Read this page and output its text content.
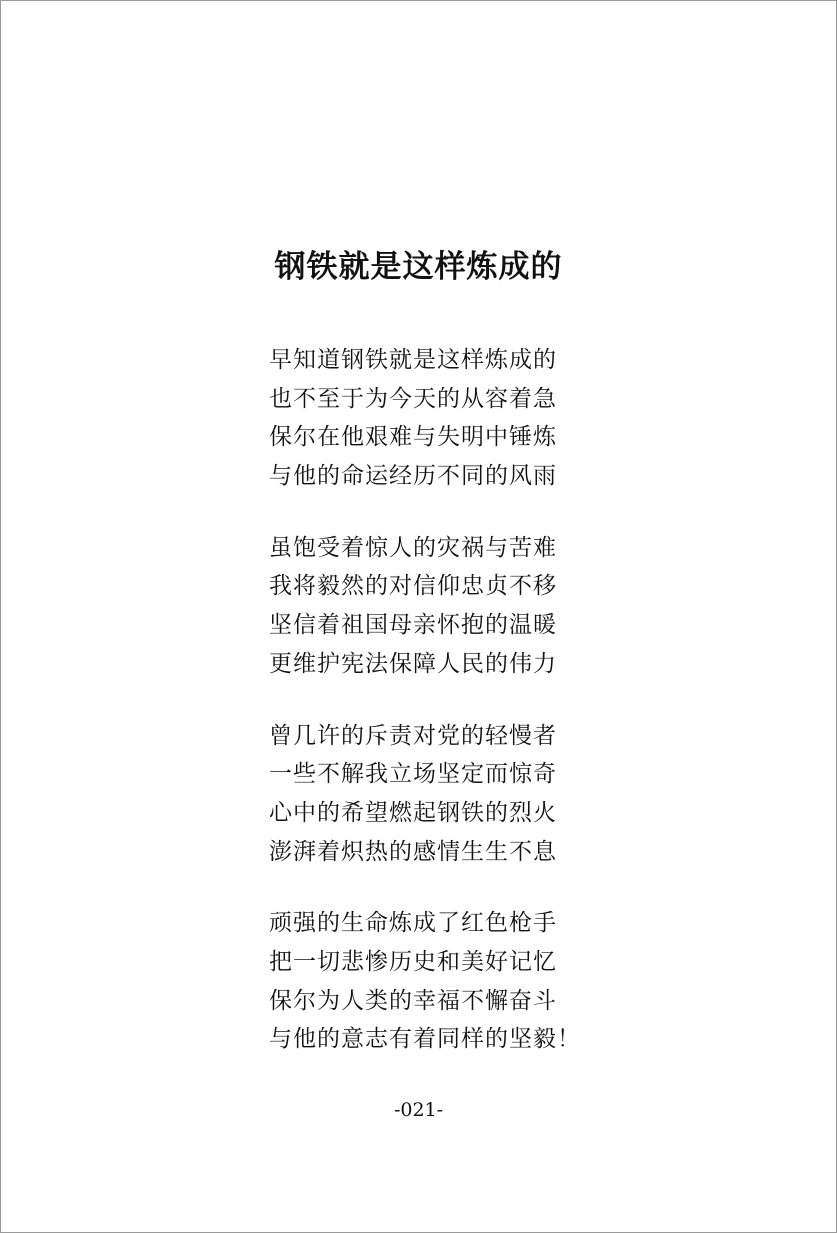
钢铁就是这样炼成的
早知道钢铁就是这样炼成的
也不至于为今天的从容着急
保尔在他艰难与失明中锤炼
与他的命运经历不同的风雨
虽饱受着惊人的灾祸与苦难
我将毅然的对信仰忠贞不移
坚信着祖国母亲怀抱的温暖
更维护宪法保障人民的伟力
曾几许的斥责对党的轻慢者
一些不解我立场坚定而惊奇
心中的希望燃起钢铁的烈火
澎湃着炽热的感情生生不息
顽强的生命炼成了红色枪手
把一切悲惨历史和美好记忆
保尔为人类的幸福不懈奋斗
与他的意志有着同样的坚毅！
-021-
